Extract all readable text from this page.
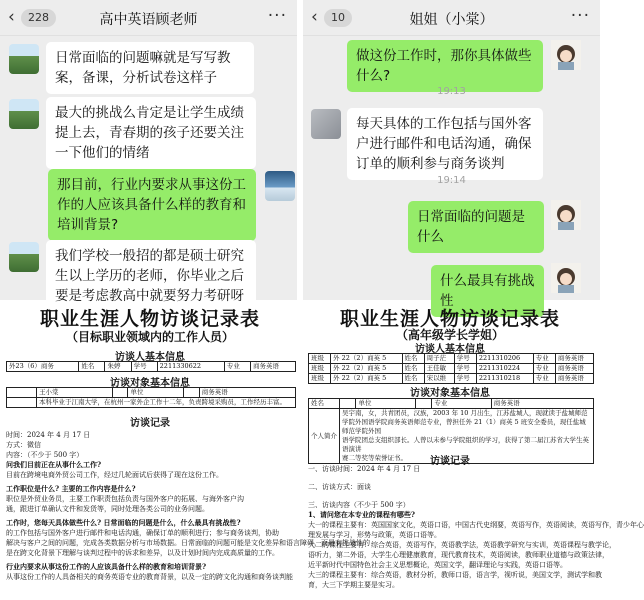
‹	228	高中英语顾老师	···
日常面临的问题嘛就是写写教案，备课，分析试卷这样子
最大的挑战么肯定是让学生成绩提上去，青春期的孩子还要关注一下他们的情绪
那目前，行业内要求从事这份工作的人应该具备什么样的教育和培训背景?
我们学校一般招的都是硕士研究生以上学历的老师，你毕业之后要是考虑教高中就要努力考研呀
‹	10	姐姐（小棠）	···
做这份工作时，那你具体做些什么?
19:13
每天具体的工作包括与国外客户进行邮件和电话沟通，确保订单的顺利参与商务谈判
19:14
日常面临的问题是什么
什么最具有挑战性
职业生涯人物访谈记录表
（目标职业领域内的工作人员）
访谈人基本信息
外23（6）商务	姓名	朱婷	学号	2211330622	专业	商务英语
访谈对象基本信息
	王小棠		单位		商务英语
	本科毕业于江南大学，在杭州一家外企工作十二年，负责跨境采购员，工作经历丰富。				
访谈记录
时间：2024 年 4 月 17 日
方式：微信
内容：（不少于 500 字）
问我们目前正在从事什么工作?
目前在跨境电商外贸公司工作，经过几轮面试后获得了现在这份工作。
工作职位是什么? 主要的工作内容是什么?
职位是外贸业务员，主要工作职责包括负责与国外客户的拓展、与海外客户沟
通，跟进订单确认文件和发货等，同时处理各类公司的业务问题。
工作时，您每天具体做些什么? 日常面临的问题是什么，什么最具有挑战性?
的工作包括与国外客户进行邮件和电话沟通，确保订单的顺利进行；参与商务谈判，协助
解决与客户之间的问题，完成各类数据分析与市场数据。日常面临的问题可能是文化差异和语言障碍，而最有挑战性的
是在跨文化背景下理解与谈判过程中的诉求和差异，以及计划时间内完成高质量的工作。
行业内要求从事这份工作的人应该具备什么样的教育和培训背景?
从事这份工作的人具备相关的商务英语专业的教育背景，以及一定的跨文化沟通和商务谈判能
职业生涯人物访谈记录表
（高年级学长学姐）
访谈人基本信息
班级	外 22（2）商英 5	姓名	周子茫	学号	2211310206	专业	商务英语
班级	外 22（2）商英 5	姓名	王佳敏	学号	2211310224	专业	商务英语
班级	外 22（2）商英 5	姓名	宋以维	学号	2211310218	专业	商务英语
访谈对象基本信息
姓名		单位		专业	商务英语
个人简介	吴宇南，女，共青团员，汉族，2003 年 10 月出生，江苏盐城人，现就读于盐城师范
学院外国语学院商务英语师范专业，曾担任外 21（1）商英 5 班安全委员，现任盐城师范学院外国
语学院团总支组织部长。人曾以未参与学院组织的学习，获得了第二届江苏省大学生英语演讲
赛二等奖等荣誉证书。					访谈记录
一、访谈时间：2024 年 4 月 17 日
二、访谈方式：面谈
三、访谈内容（不少于 500 字）
1、请问您在本专业的课程有哪些?
大一的课程主要有：英国国家文化，英语口语，中国古代史纲要，英语写作，英语阅读，英语写作，青少年心
理发展与学习，形势与政策，英语口语等。
大二的课程主要有：综合英语，英语写作，英语教学法，英语教学研究与实训，英语课程与教学论，
语听力，第二外语，大学生心理健康教育，现代教育技术，英语阅读，教师职业道德与政策法律，
近平新时代中国特色社会主义思想概论，英国文学，翻译理论与实践，英语口语等。
大三的课程主要有：综合英语，教材分析，教师口语，语言学，视听说，美国文学，测试学和教
育，大三下学期主要是实习。
